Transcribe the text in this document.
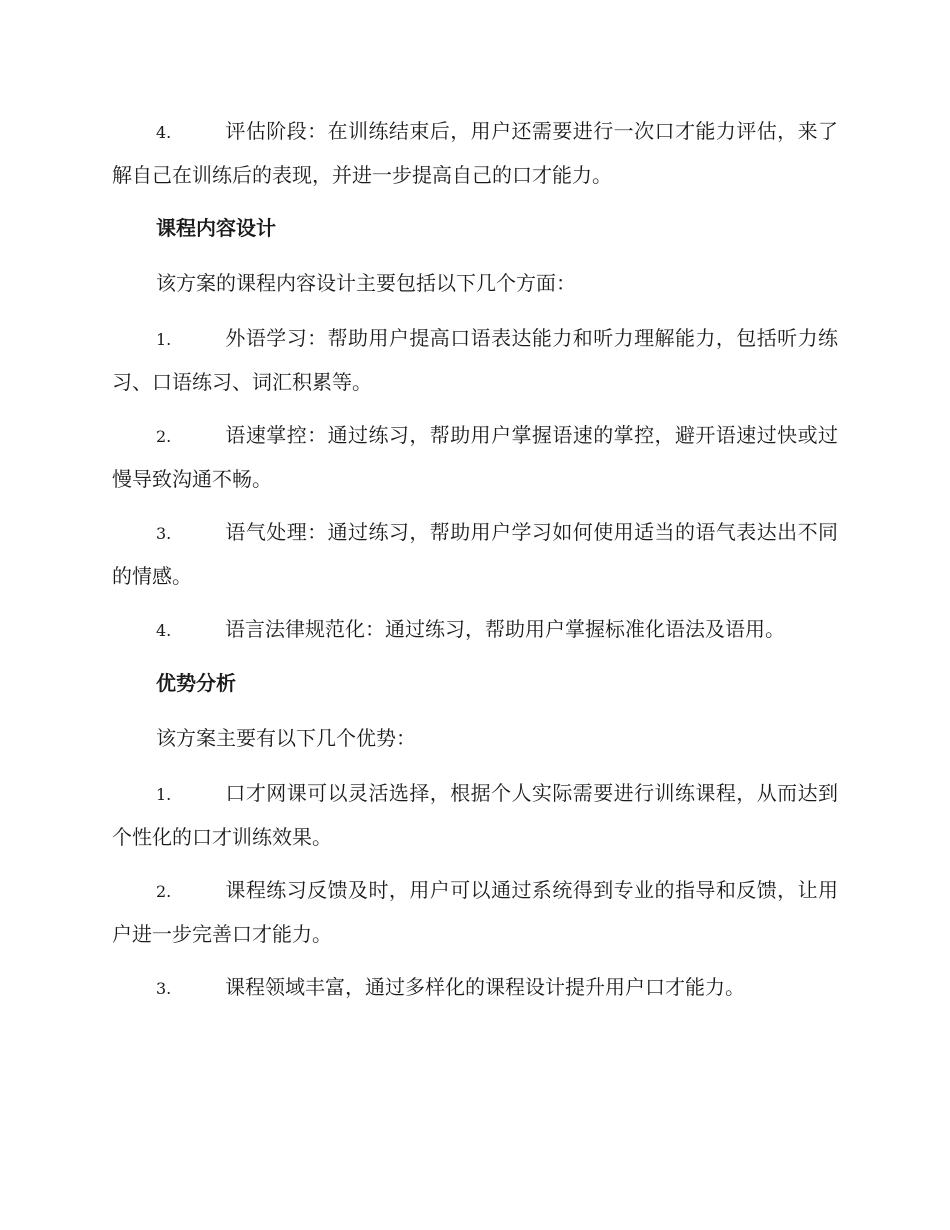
4.	评估阶段：在训练结束后，用户还需要进行一次口才能力评估，来了解自己在训练后的表现，并进一步提高自己的口才能力。

课程内容设计

该方案的课程内容设计主要包括以下几个方面：

1.	外语学习：帮助用户提高口语表达能力和听力理解能力，包括听力练习、口语练习、词汇积累等。

2.	语速掌控：通过练习，帮助用户掌握语速的掌控，避开语速过快或过慢导致沟通不畅。

3.	语气处理：通过练习，帮助用户学习如何使用适当的语气表达出不同的情感。

4.	语言法律规范化：通过练习，帮助用户掌握标准化语法及语用。

优势分析

该方案主要有以下几个优势：

1.	口才网课可以灵活选择，根据个人实际需要进行训练课程，从而达到个性化的口才训练效果。

2.	课程练习反馈及时，用户可以通过系统得到专业的指导和反馈，让用户进一步完善口才能力。

3.	课程领域丰富，通过多样化的课程设计提升用户口才能力。
